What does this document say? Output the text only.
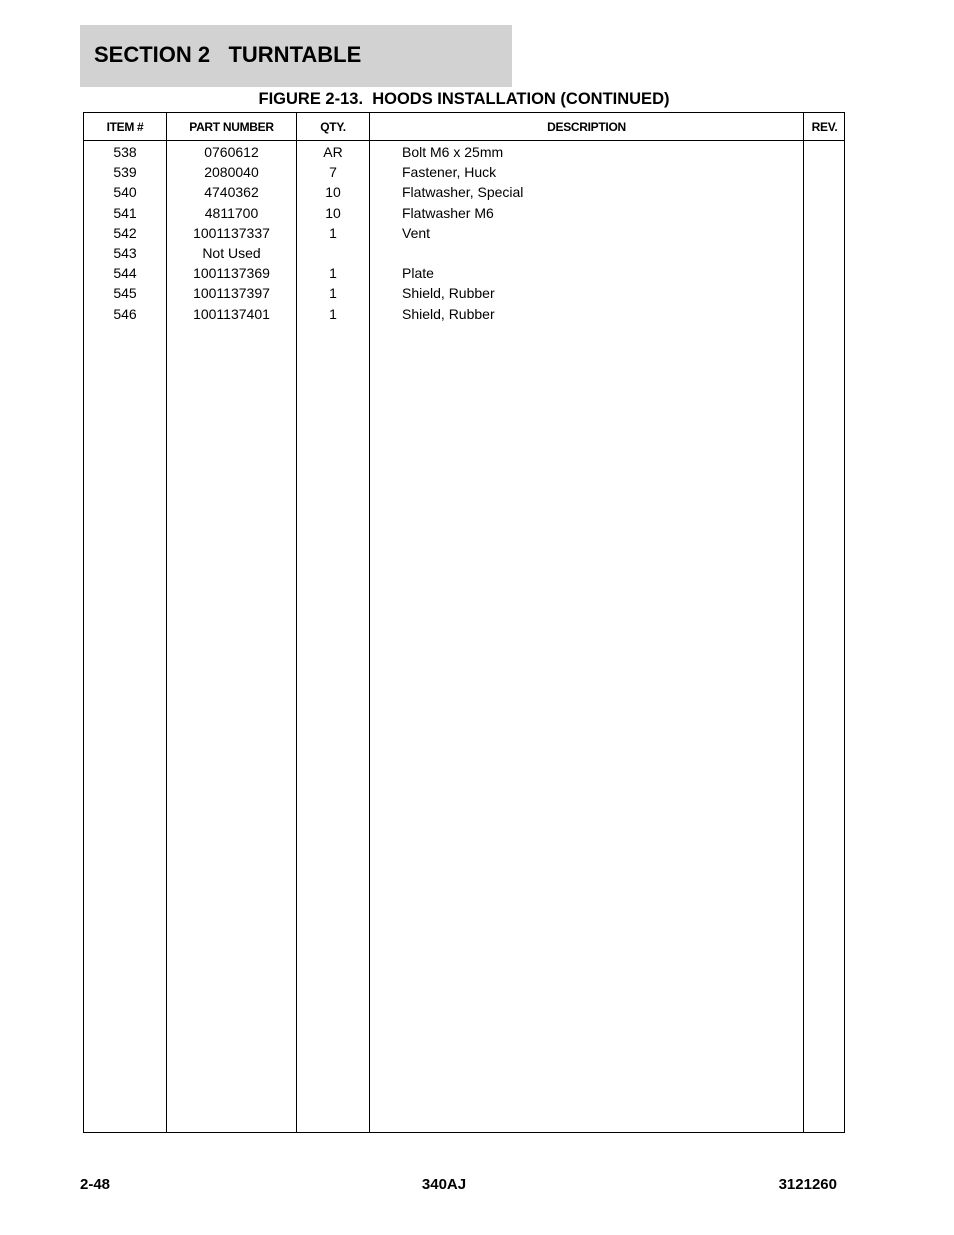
SECTION 2   TURNTABLE
FIGURE 2-13.  HOODS INSTALLATION (CONTINUED)
ITEM #
538
539
540
541
542
543
544
545
546
PART NUMBER
0760612
2080040
4740362
4811700
1001137337
Not Used
1001137369
1001137397
1001137401
QTY.
AR
7
10
10
1
1
1
1
DESCRIPTION
Bolt M6 x 25mm
Fastener, Huck
Flatwasher, Special
Flatwasher M6
Vent
Plate
Shield, Rubber
Shield, Rubber
REV.
2-48	340AJ	3121260
